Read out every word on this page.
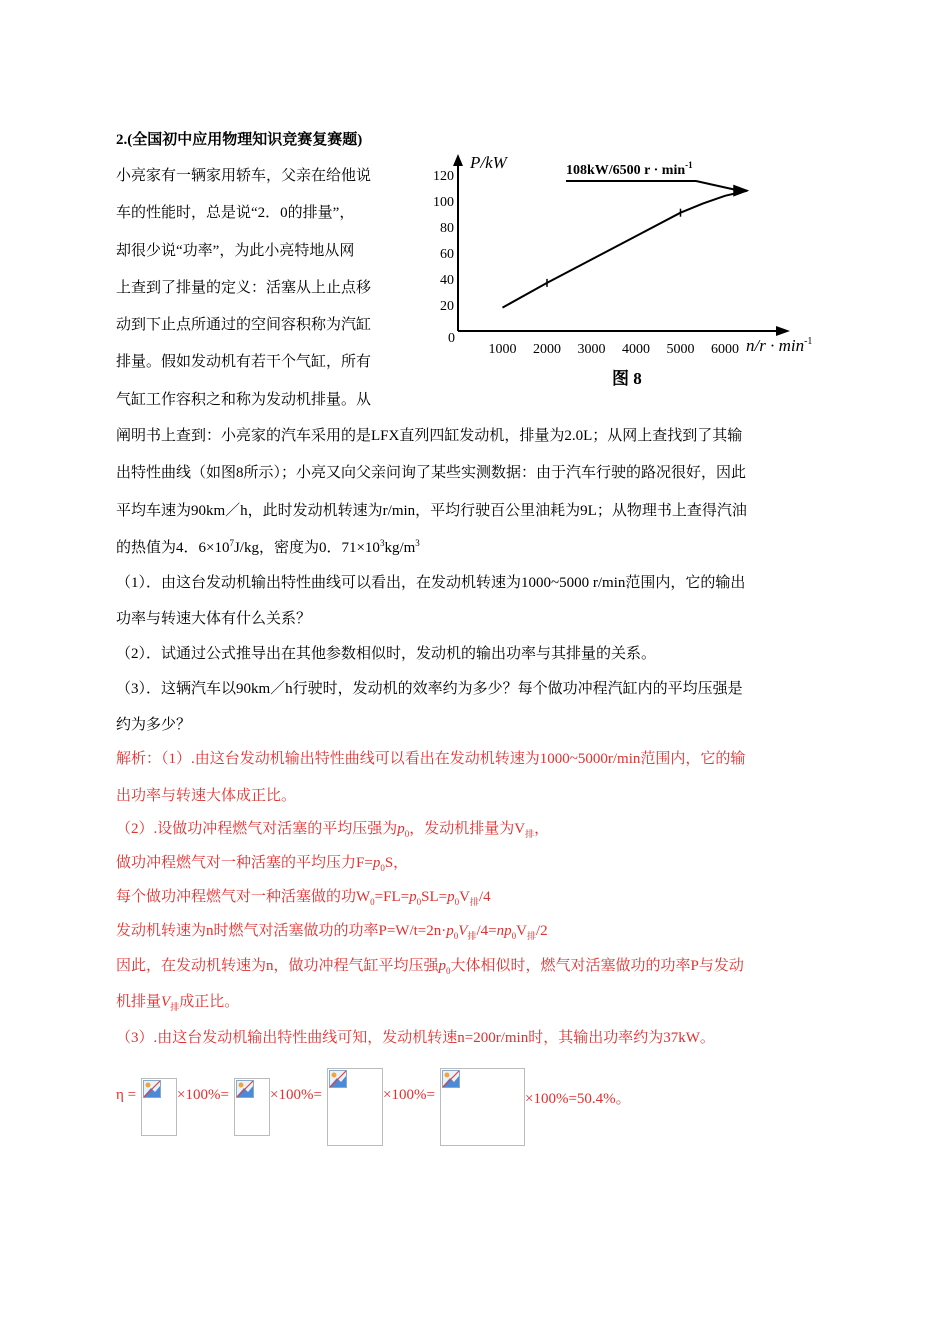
2.(全国初中应用物理知识竞赛复赛题)
小亮家有一辆家用轿车，父亲在给他说
车的性能时，总是说“2．0的排量”，
却很少说“功率”，为此小亮特地从网
上查到了排量的定义：活塞从上止点移
动到下止点所通过的空间容积称为汽缸
排量。假如发动机有若干个气缸，所有
气缸工作容积之和称为发动机排量。从
20
40
60
80
100
120
1000 2000 3000 4000 5000 6000
P/kW
$n/r \cdot \min^{-1}$
108kW/6500 $r \cdot \min^{-1}$
图 8
0
阐明书上查到：小亮家的汽车采用的是LFX直列四缸发动机，排量为2.0L；从网上查找到了其输
出特性曲线（如图8所示）；小亮又向父亲问询了某些实测数据：由于汽车行驶的路况很好，因此
平均车速为90km／h，此时发动机转速为r/min，平均行驶百公里油耗为9L；从物理书上查得汽油
的热值为4．$6\times 10^7J/kg$，密度为0．$71\times 10^3kg/m^3$
（1）．由这台发动机输出特性曲线可以看出，在发动机转速为1000~5000 r/min范围内，它的输出
功率与转速大体有什么关系？
（2）．试通过公式推导出在其他参数相似时，发动机的输出功率与其排量的关系。
（3）．这辆汽车以90km／h行驶时，发动机的效率约为多少？每个做功冲程汽缸内的平均压强是
约为多少？
解析：（1）.由这台发动机输出特性曲线可以看出在发动机转速为1000~5000r/min范围内，它的输
出功率与转速大体成正比。
（2）.设做功冲程燃气对活塞的平均压强为$p_0$，发动机排量为$V_排$，
做功冲程燃气对一种活塞的平均压力$F=p_0S$，
每个做功冲程燃气对一种活塞做的功$W_0=FL=p_0SL=p_0V_排/4$
发动机转速为n时燃气对活塞做功的功率$P=W/t=2n\cdot p_0V_排/4=np_0V_排/2$
因此，在发动机转速为n，做功冲程气缸平均压强$p_0$大体相似时，燃气对活塞做功的功率P与发动
机排量$V_排$成正比。
（3）.由这台发动机输出特性曲线可知，发动机转速n=200r/min时，其输出功率约为37kW。
η =	×100%=	×100%=	×100%=	×100%=50.4%。
